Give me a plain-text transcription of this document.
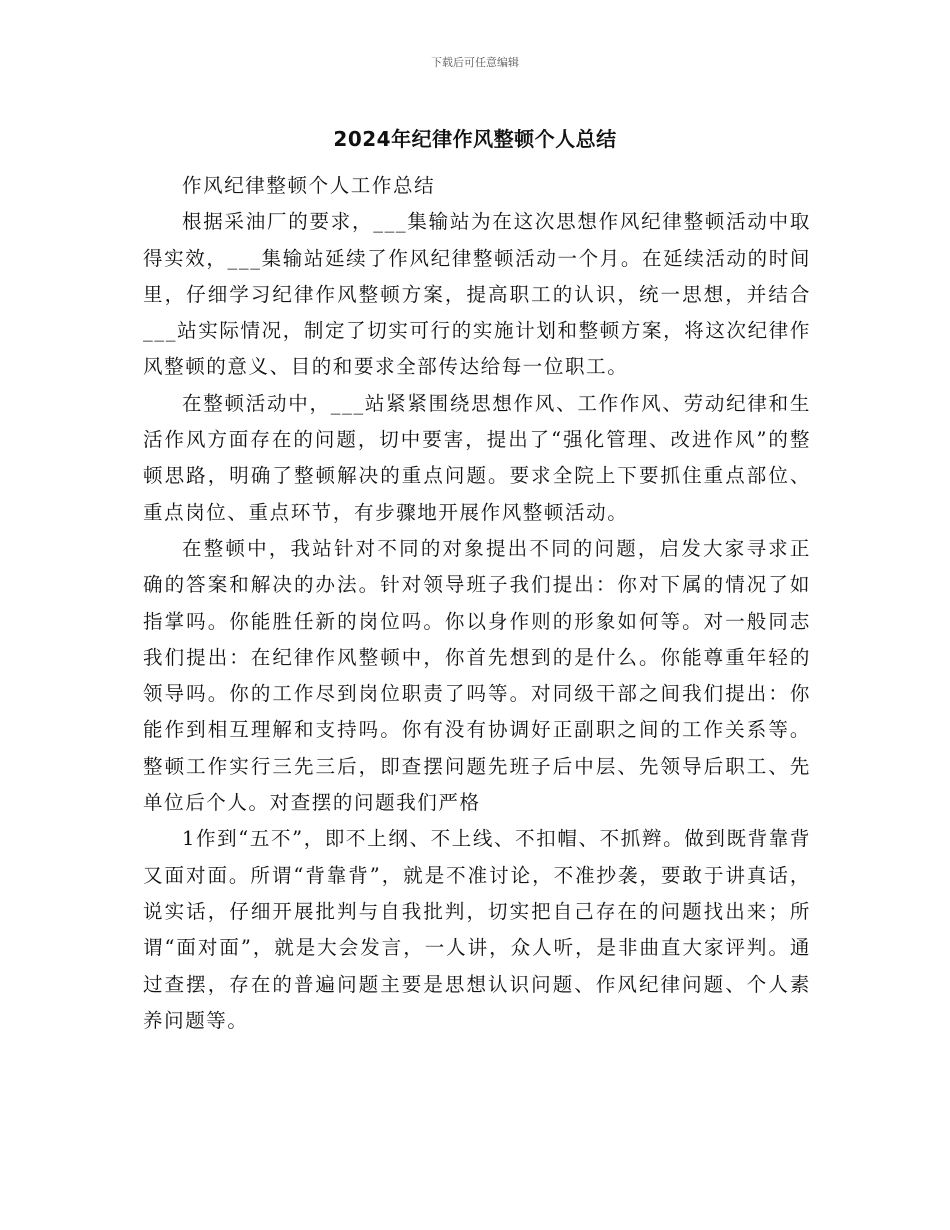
下载后可任意编辑
2024年纪律作风整顿个人总结

作风纪律整顿个人工作总结

根据采油厂的要求，___集输站为在这次思想作风纪律整顿活动中取得实效，___集输站延续了作风纪律整顿活动一个月。在延续活动的时间里，仔细学习纪律作风整顿方案，提高职工的认识，统一思想，并结合___站实际情况，制定了切实可行的实施计划和整顿方案，将这次纪律作风整顿的意义、目的和要求全部传达给每一位职工。

在整顿活动中，___站紧紧围绕思想作风、工作作风、劳动纪律和生活作风方面存在的问题，切中要害，提出了“强化管理、改进作风”的整顿思路，明确了整顿解决的重点问题。要求全院上下要抓住重点部位、重点岗位、重点环节，有步骤地开展作风整顿活动。

在整顿中，我站针对不同的对象提出不同的问题，启发大家寻求正确的答案和解决的办法。针对领导班子我们提出：你对下属的情况了如指掌吗。你能胜任新的岗位吗。你以身作则的形象如何等。对一般同志我们提出：在纪律作风整顿中，你首先想到的是什么。你能尊重年轻的领导吗。你的工作尽到岗位职责了吗等。对同级干部之间我们提出：你能作到相互理解和支持吗。你有没有协调好正副职之间的工作关系等。整顿工作实行三先三后，即查摆问题先班子后中层、先领导后职工、先单位后个人。对查摆的问题我们严格

1作到“五不”，即不上纲、不上线、不扣帽、不抓辫。做到既背靠背又面对面。所谓“背靠背”，就是不准讨论，不准抄袭，要敢于讲真话，说实话，仔细开展批判与自我批判，切实把自己存在的问题找出来；所谓“面对面”，就是大会发言，一人讲，众人听，是非曲直大家评判。通过查摆，存在的普遍问题主要是思想认识问题、作风纪律问题、个人素养问题等。
